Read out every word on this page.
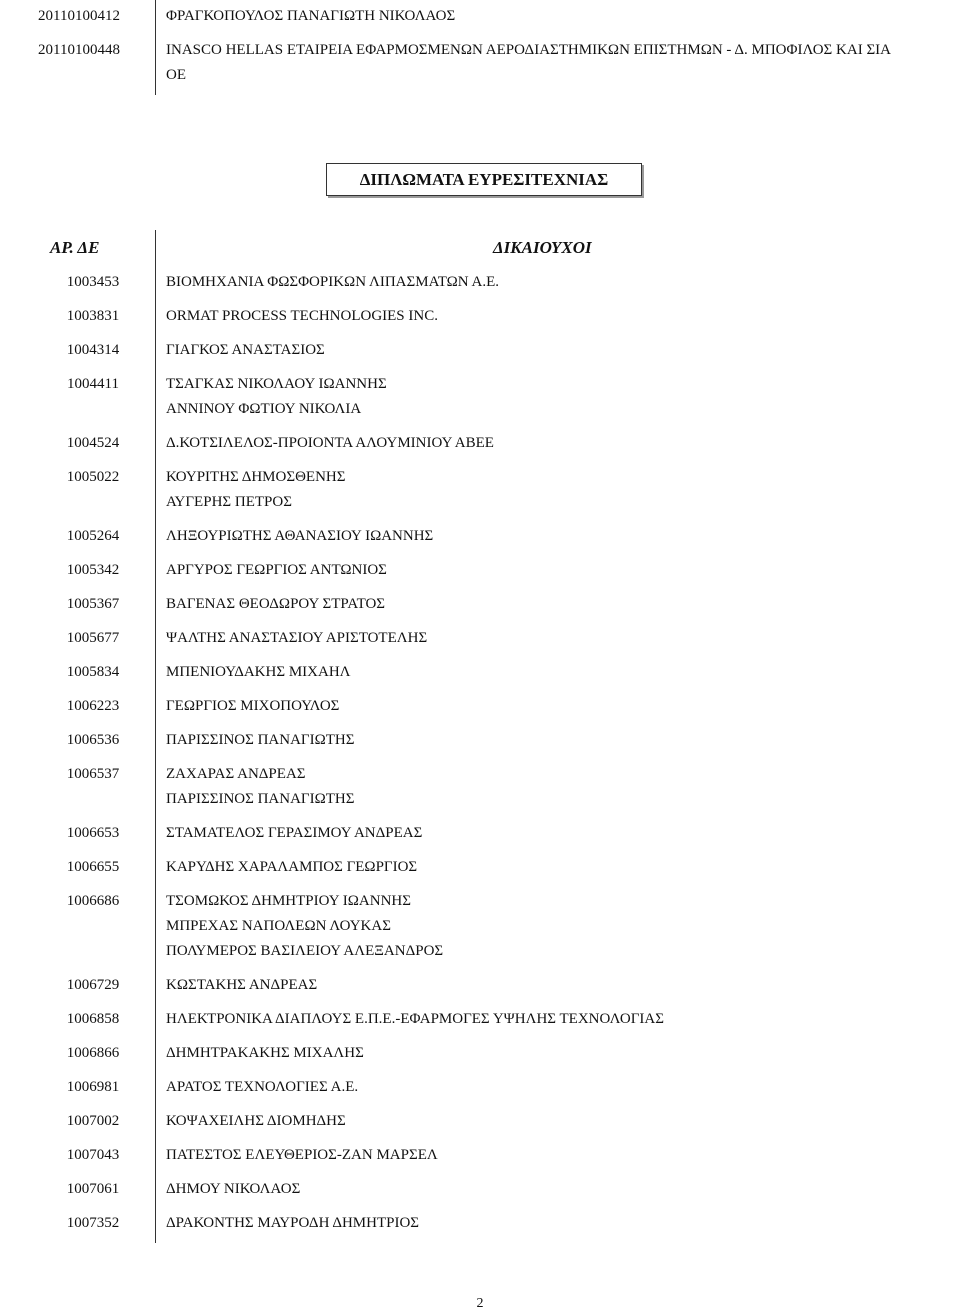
20110100412	ΦΡΑΓΚΟΠΟΥΛΟΣ ΠΑΝΑΓΙΩΤΗ ΝΙΚΟΛΑΟΣ
20110100448	INASCO HELLAS ΕΤΑΙΡΕΙΑ ΕΦΑΡΜΟΣΜΕΝΩΝ ΑΕΡΟΔΙΑΣΤΗΜΙΚΩΝ ΕΠΙΣΤΗΜΩΝ - Δ. ΜΠΟΦΙΛΟΣ ΚΑΙ ΣΙΑ
ΟΕ
ΔΙΠΛΩΜΑΤΑ ΕΥΡΕΣΙΤΕΧΝΙΑΣ
ΑΡ. ΔΕ	ΔΙΚΑΙΟΥΧΟΙ
1003453	ΒΙΟΜΗΧΑΝΙΑ ΦΩΣΦΟΡΙΚΩΝ ΛΙΠΑΣΜΑΤΩΝ Α.Ε.
1003831	ORMAT PROCESS TECHNOLOGIES INC.
1004314	ΓΙΑΓΚΟΣ ΑΝΑΣΤΑΣΙΟΣ
1004411	ΤΣΑΓΚΑΣ ΝΙΚΟΛΑΟΥ ΙΩΑΝΝΗΣ
ΑΝΝΙΝΟΥ ΦΩΤΙΟΥ ΝΙΚΟΛΙΑ
1004524	Δ.ΚΟΤΣΙΛΕΛΟΣ-ΠΡΟΙΟΝΤΑ ΑΛΟΥΜΙΝΙΟΥ ΑΒΕΕ
1005022	ΚΟΥΡΙΤΗΣ ΔΗΜΟΣΘΕΝΗΣ
ΑΥΓΕΡΗΣ ΠΕΤΡΟΣ
1005264	ΛΗΞΟΥΡΙΩΤΗΣ ΑΘΑΝΑΣΙΟΥ ΙΩΑΝΝΗΣ
1005342	ΑΡΓΥΡΟΣ ΓΕΩΡΓΙΟΣ ΑΝΤΩΝΙΟΣ
1005367	ΒΑΓΕΝΑΣ ΘΕΟΔΩΡΟΥ ΣΤΡΑΤΟΣ
1005677	ΨΑΛΤΗΣ ΑΝΑΣΤΑΣΙΟΥ ΑΡΙΣΤΟΤΕΛΗΣ
1005834	ΜΠΕΝΙΟΥΔΑΚΗΣ ΜΙΧΑΗΛ
1006223	ΓΕΩΡΓΙΟΣ ΜΙΧΟΠΟΥΛΟΣ
1006536	ΠΑΡΙΣΣΙΝΟΣ ΠΑΝΑΓΙΩΤΗΣ
1006537	ΖΑΧΑΡΑΣ ΑΝΔΡΕΑΣ
ΠΑΡΙΣΣΙΝΟΣ ΠΑΝΑΓΙΩΤΗΣ
1006653	ΣΤΑΜΑΤΕΛΟΣ ΓΕΡΑΣΙΜΟΥ ΑΝΔΡΕΑΣ
1006655	ΚΑΡΥΔΗΣ ΧΑΡΑΛΑΜΠΟΣ ΓΕΩΡΓΙΟΣ
1006686	ΤΣΟΜΩΚΟΣ ΔΗΜΗΤΡΙΟΥ ΙΩΑΝΝΗΣ
ΜΠΡΕΧΑΣ ΝΑΠΟΛΕΩΝ ΛΟΥΚΑΣ
ΠΟΛΥΜΕΡΟΣ ΒΑΣΙΛΕΙΟΥ ΑΛΕΞΑΝΔΡΟΣ
1006729	ΚΩΣΤΑΚΗΣ ΑΝΔΡΕΑΣ
1006858	ΗΛΕΚΤΡΟΝΙΚΑ ΔΙΑΠΛΟΥΣ Ε.Π.Ε.-ΕΦΑΡΜΟΓΕΣ ΥΨΗΛΗΣ ΤΕΧΝΟΛΟΓΙΑΣ
1006866	ΔΗΜΗΤΡΑΚΑΚΗΣ ΜΙΧΑΛΗΣ
1006981	ΑΡΑΤΟΣ ΤΕΧΝΟΛΟΓΙΕΣ Α.Ε.
1007002	ΚΟΨΑΧΕΙΛΗΣ ΔΙΟΜΗΔΗΣ
1007043	ΠΑΤΕΣΤΟΣ ΕΛΕΥΘΕΡΙΟΣ-ΖΑΝ ΜΑΡΣΕΛ
1007061	ΔΗΜΟΥ ΝΙΚΟΛΑΟΣ
1007352	ΔΡΑΚΟΝΤΗΣ ΜΑΥΡΟΔΗ ΔΗΜΗΤΡΙΟΣ
2
